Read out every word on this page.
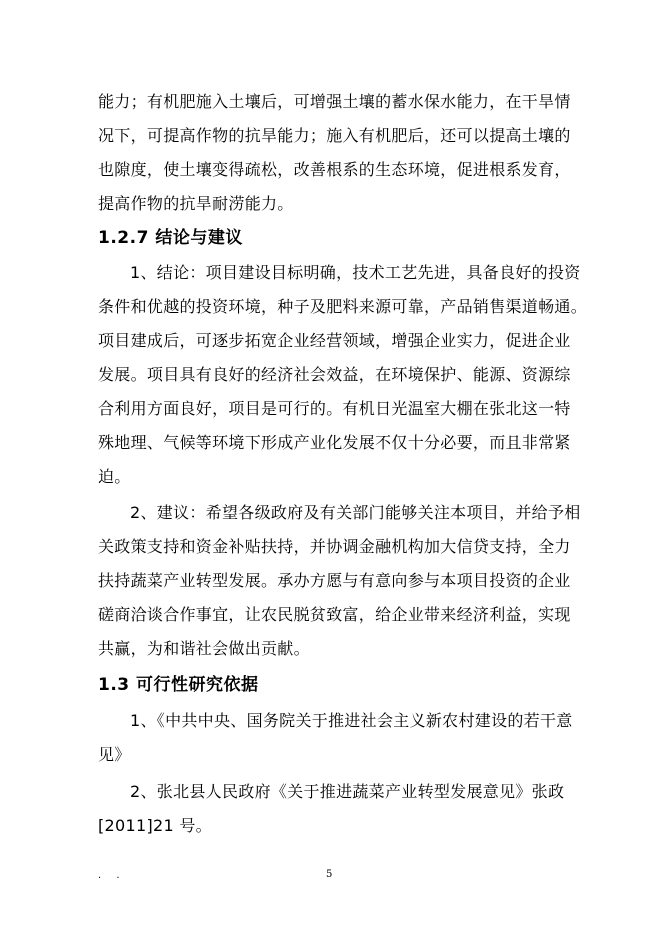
能力；有机肥施入土壤后，可增强土壤的蓄水保水能力，在干旱情
况下，可提高作物的抗旱能力；施入有机肥后，还可以提高土壤的
也隙度，使土壤变得疏松，改善根系的生态环境，促进根系发育，
提高作物的抗旱耐涝能力。
1.2.7 结论与建议
1、结论：项目建设目标明确，技术工艺先进，具备良好的投资
条件和优越的投资环境，种子及肥料来源可靠，产品销售渠道畅通。
项目建成后，可逐步拓宽企业经营领域，增强企业实力，促进企业
发展。项目具有良好的经济社会效益，在环境保护、能源、资源综
合利用方面良好，项目是可行的。有机日光温室大棚在张北这一特
殊地理、气候等环境下形成产业化发展不仅十分必要，而且非常紧
迫。
2、建议：希望各级政府及有关部门能够关注本项目，并给予相
关政策支持和资金补贴扶持，并协调金融机构加大信贷支持，全力
扶持蔬菜产业转型发展。承办方愿与有意向参与本项目投资的企业
磋商洽谈合作事宜，让农民脱贫致富，给企业带来经济利益，实现
共赢，为和谐社会做出贡献。
1.3 可行性研究依据
1、《中共中央、国务院关于推进社会主义新农村建设的若干意
见》
2、张北县人民政府《关于推进蔬菜产业转型发展意见》张政
[2011]21 号。
. .	5
